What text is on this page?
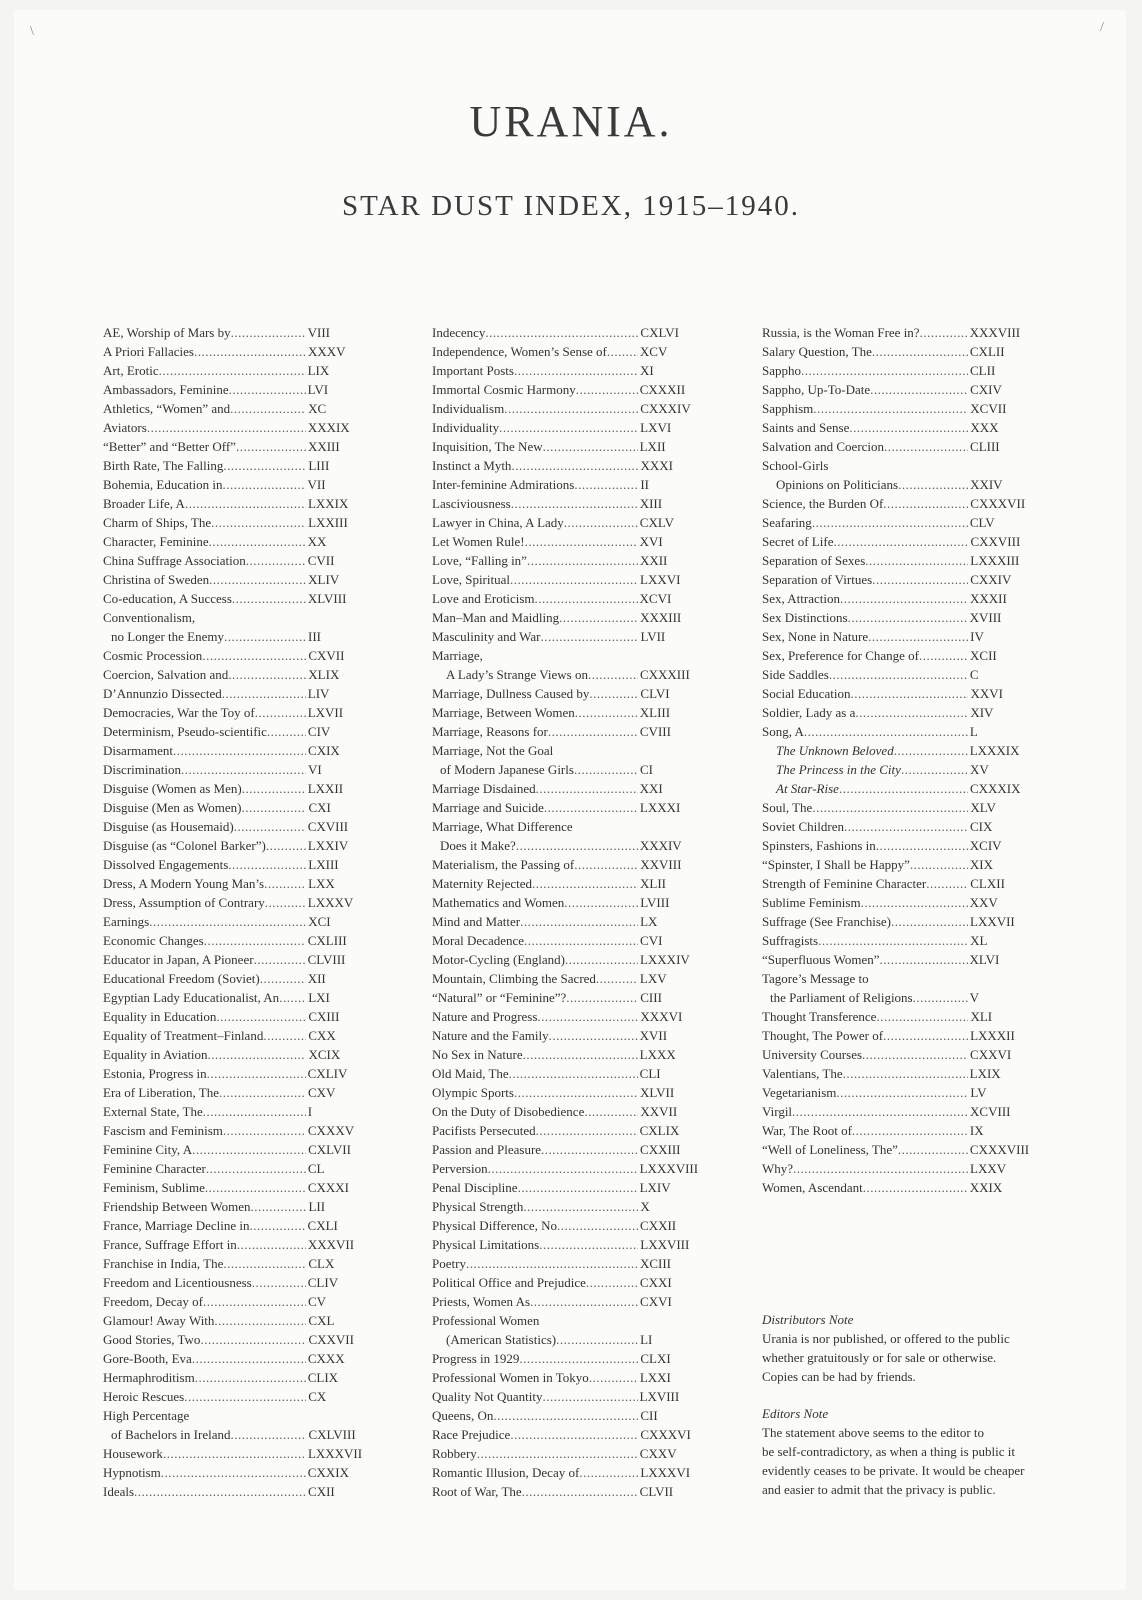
\	/
URANIA.
STAR DUST INDEX, 1915–1940.
AE, Worship of Mars by .....	VIII
A Priori Fallacies .....	XXXV
Art, Erotic .....	LIX
Ambassadors, Feminine .....	LVI
Athletics, “Women” and .....	XC
Aviators .....	XXXIX
“Better” and “Better Off” .....	XXIII
Birth Rate, The Falling .....	LIII
Bohemia, Education in .....	VII
Broader Life, A .....	LXXIX
Charm of Ships, The .....	LXXIII
Character, Feminine .....	XX
China Suffrage Association .....	CVII
Christina of Sweden .....	XLIV
Co-education, A Success .....	XLVIII
Conventionalism,
no Longer the Enemy .....	III
Cosmic Procession .....	CXVII
Coercion, Salvation and .....	XLIX
D’Annunzio Dissected .....	LIV
Democracies, War the Toy of .....	LXVII
Determinism, Pseudo-scientific .....	CIV
Disarmament .....	CXIX
Discrimination .....	VI
Disguise (Women as Men) .....	LXXII
Disguise (Men as Women) .....	CXI
Disguise (as Housemaid) .....	CXVIII
Disguise (as “Colonel Barker”) .....	LXXIV
Dissolved Engagements .....	LXIII
Dress, A Modern Young Man’s .....	LXX
Dress, Assumption of Contrary .....	LXXXV
Earnings .....	XCI
Economic Changes .....	CXLIII
Educator in Japan, A Pioneer .....	CLVIII
Educational Freedom (Soviet) .....	XII
Egyptian Lady Educationalist, An ..... LXI
Equality in Education .....	CXIII
Equality of Treatment–Finland .....	CXX
Equality in Aviation .....	XCIX
Estonia, Progress in .....	CXLIV
Era of Liberation, The .....	CXV
External State, The .....	I
Fascism and Feminism .....	CXXXV
Feminine City, A .....	CXLVII
Feminine Character .....	CL
Feminism, Sublime .....	CXXXI
Friendship Between Women .....	LII
France, Marriage Decline in .....	CXLI
France, Suffrage Effort in .....	XXXVII
Franchise in India, The .....	CLX
Freedom and Licentiousness .....	CLIV
Freedom, Decay of .....	CV
Glamour! Away With .....	CXL
Good Stories, Two .....	CXXVII
Gore-Booth, Eva .....	CXXX
Hermaphroditism .....	CLIX
Heroic Rescues .....	CX
High Percentage
of Bachelors in Ireland .....	CXLVIII
Housework .....	LXXXVII
Hypnotism .....	CXXIX
Ideals .....	CXII
Indecency .....	CXLVI
Independence, Women’s Sense of .....	XCV
Important Posts .....	XI
Immortal Cosmic Harmony .....	CXXXII
Individualism .....	CXXXIV
Individuality .....	LXVI
Inquisition, The New .....	LXII
Instinct a Myth .....	XXXI
Inter-feminine Admirations .....	II
Lasciviousness .....	XIII
Lawyer in China, A Lady .....	CXLV
Let Women Rule! .....	XVI
Love, “Falling in” .....	XXII
Love, Spiritual .....	LXXVI
Love and Eroticism .....	XCVI
Man–Man and Maidling .....	XXXIII
Masculinity and War .....	LVII
Marriage,
A Lady’s Strange Views on .....	CXXXIII
Marriage, Dullness Caused by .....	CLVI
Marriage, Between Women .....	XLIII
Marriage, Reasons for .....	CVIII
Marriage, Not the Goal
of Modern Japanese Girls .....	CI
Marriage Disdained .....	XXI
Marriage and Suicide .....	LXXXI
Marriage, What Difference
Does it Make? .....	XXXIV
Materialism, the Passing of .....	XXVIII
Maternity Rejected .....	XLII
Mathematics and Women .....	LVIII
Mind and Matter .....	LX
Moral Decadence .....	CVI
Motor-Cycling (England) .....	LXXXIV
Mountain, Climbing the Sacred .....	LXV
“Natural” or “Feminine”? .....	CIII
Nature and Progress .....	XXXVI
Nature and the Family .....	XVII
No Sex in Nature .....	LXXX
Old Maid, The .....	CLI
Olympic Sports .....	XLVII
On the Duty of Disobedience .....	XXVII
Pacifists Persecuted .....	CXLIX
Passion and Pleasure .....	CXXIII
Perversion .....	LXXXVIII
Penal Discipline .....	LXIV
Physical Strength .....	X
Physical Difference, No .....	CXXII
Physical Limitations .....	LXXVIII
Poetry .....	XCIII
Political Office and Prejudice .....	CXXI
Priests, Women As .....	CXVI
Professional Women
(American Statistics) .....	LI
Progress in 1929 .....	CLXI
Professional Women in Tokyo .....	LXXI
Quality Not Quantity .....	LXVIII
Queens, On .....	CII
Race Prejudice .....	CXXXVI
Robbery .....	CXXV
Romantic Illusion, Decay of .....	LXXXVI
Root of War, The .....	CLVII
Russia, is the Woman Free in? .....	XXXVIII
Salary Question, The .....	CXLII
Sappho .....	CLII
Sappho, Up-To-Date .....	CXIV
Sapphism .....	XCVII
Saints and Sense .....	XXX
Salvation and Coercion .....	CLIII
School-Girls
Opinions on Politicians .....	XXIV
Science, the Burden Of .....	CXXXVII
Seafaring .....	CLV
Secret of Life .....	CXXVIII
Separation of Sexes .....	LXXXIII
Separation of Virtues .....	CXXIV
Sex, Attraction .....	XXXII
Sex Distinctions .....	XVIII
Sex, None in Nature .....	IV
Sex, Preference for Change of .....	XCII
Side Saddles .....	C
Social Education .....	XXVI
Soldier, Lady as a .....	XIV
Song, A .....	L
The Unknown Beloved .....	LXXXIX
The Princess in the City .....	XV
At Star-Rise .....	CXXXIX
Soul, The .....	XLV
Soviet Children .....	CIX
Spinsters, Fashions in .....	XCIV
“Spinster, I Shall be Happy” .....	XIX
Strength of Feminine Character .....	CLXII
Sublime Feminism .....	XXV
Suffrage (See Franchise) .....	LXXVII
Suffragists .....	XL
“Superfluous Women” .....	XLVI
Tagore’s Message to
the Parliament of Religions .....	V
Thought Transference .....	XLI
Thought, The Power of .....	LXXXII
University Courses .....	CXXVI
Valentians, The .....	LXIX
Vegetarianism .....	LV
Virgil .....	XCVIII
War, The Root of .....	IX
“Well of Loneliness, The” .....	CXXXVIII
Why? .....	LXXV
Women, Ascendant .....	XXIX
Distributors Note
Urania is nor published, or offered to the public
whether gratuitously or for sale or otherwise.
Copies can be had by friends.
Editors Note
The statement above seems to the editor to
be self-contradictory, as when a thing is public it
evidently ceases to be private. It would be cheaper
and easier to admit that the privacy is public.
